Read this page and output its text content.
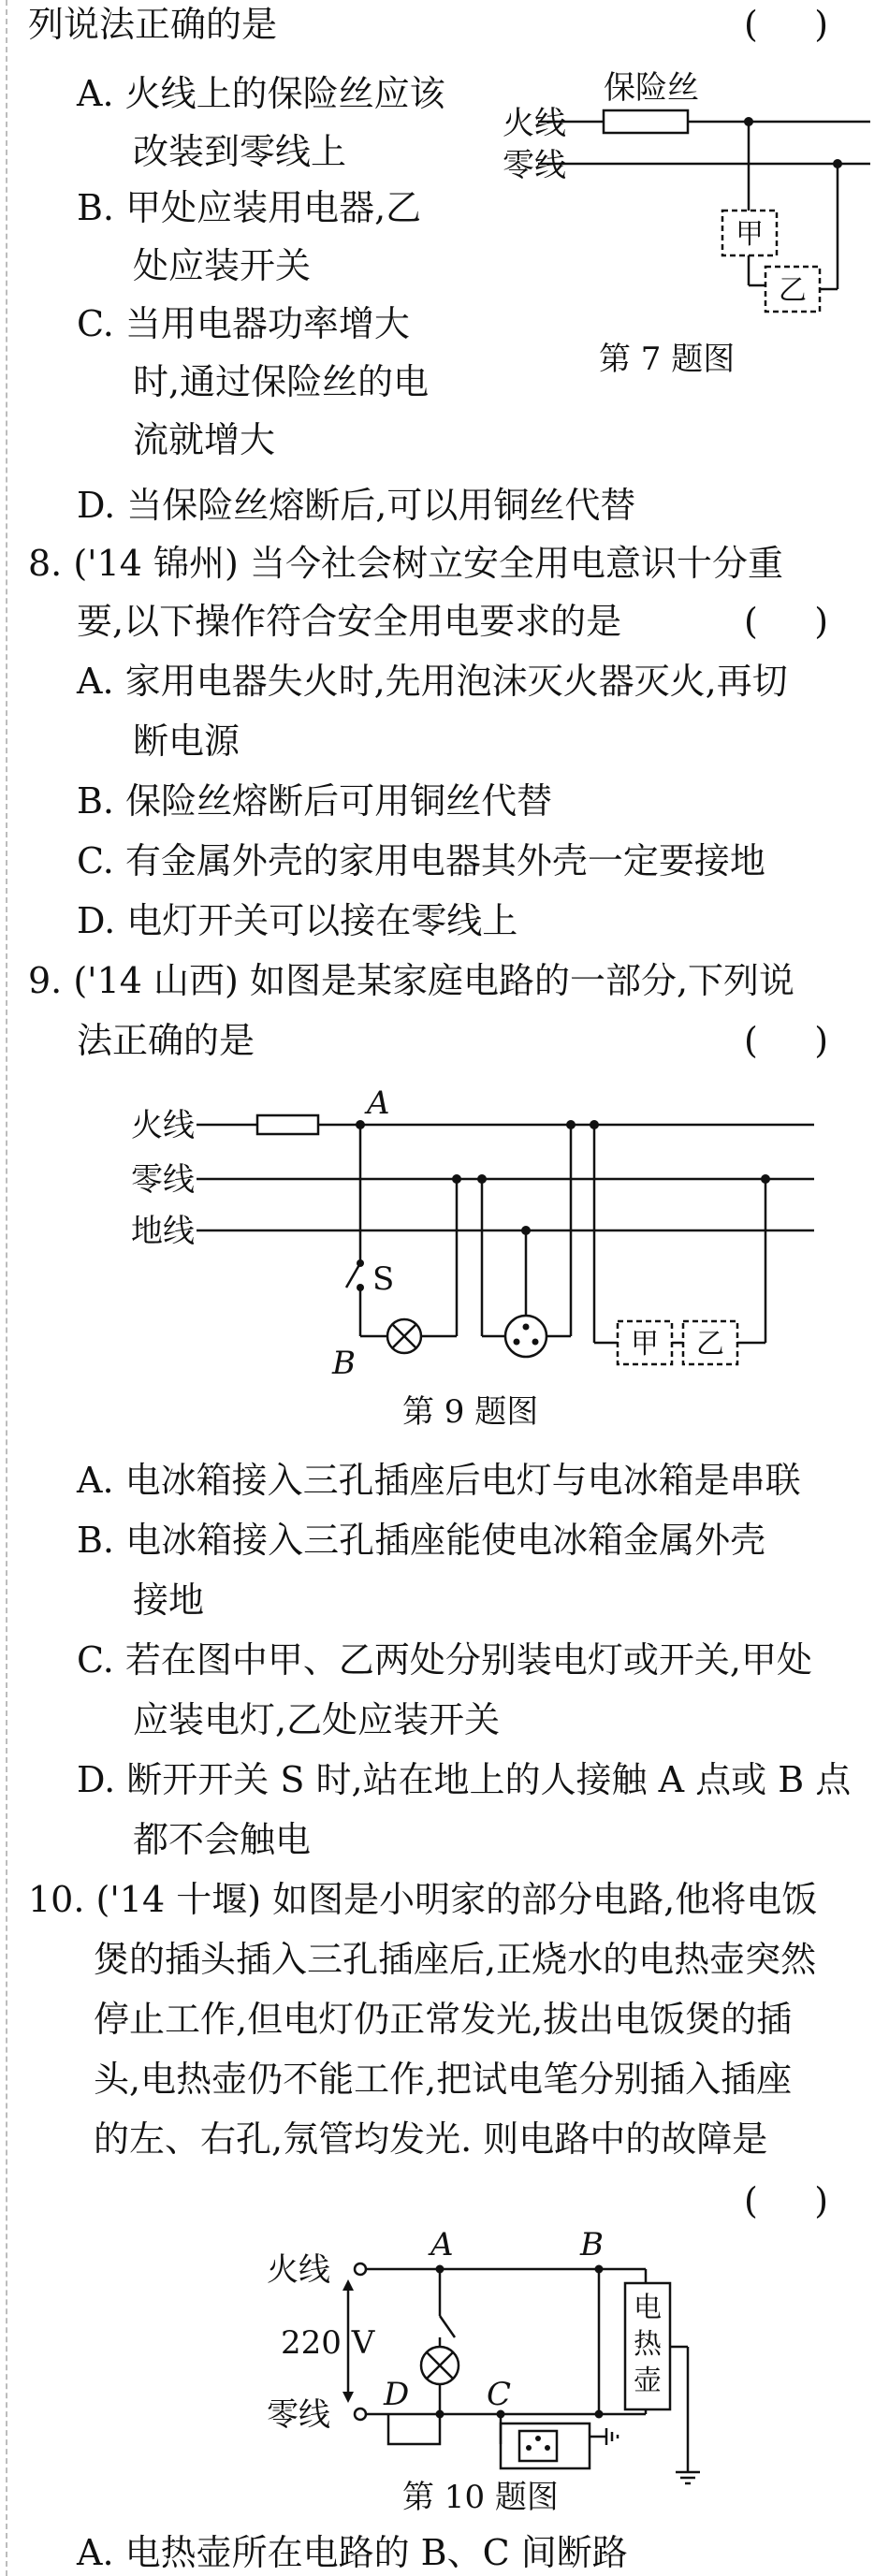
列说法正确的是	(     )
A. 火线上的保险丝应该
改装到零线上
B. 甲处应装用电器,乙
处应装开关
C. 当用电器功率增大
时,通过保险丝的电
流就增大
D. 当保险丝熔断后,可以用铜丝代替
保险丝
火线
零线
甲
乙
第 7 题图
8. ('14 锦州) 当今社会树立安全用电意识十分重
要,以下操作符合安全用电要求的是	(     )
A. 家用电器失火时,先用泡沫灭火器灭火,再切
断电源
B. 保险丝熔断后可用铜丝代替
C. 有金属外壳的家用电器其外壳一定要接地
D. 电灯开关可以接在零线上
9. ('14 山西) 如图是某家庭电路的一部分,下列说
法正确的是	(     )
火线
零线
地线
A
S
B
甲 乙
第 9 题图
A. 电冰箱接入三孔插座后电灯与电冰箱是串联
B. 电冰箱接入三孔插座能使电冰箱金属外壳
接地
C. 若在图中甲、乙两处分别装电灯或开关,甲处
应装电灯,乙处应装开关
D. 断开开关 S 时,站在地上的人接触 A 点或 B 点
都不会触电
10. ('14 十堰) 如图是小明家的部分电路,他将电饭
煲的插头插入三孔插座后,正烧水的电热壶突然
停止工作,但电灯仍正常发光,拔出电饭煲的插
头,电热壶仍不能工作,把试电笔分别插入插座
的左、右孔,氖管均发光. 则电路中的故障是
(     )
火线
零线
220 V
A	B
C
D
电
热
壶
第 10 题图
A. 电热壶所在电路的 B、C 间断路
